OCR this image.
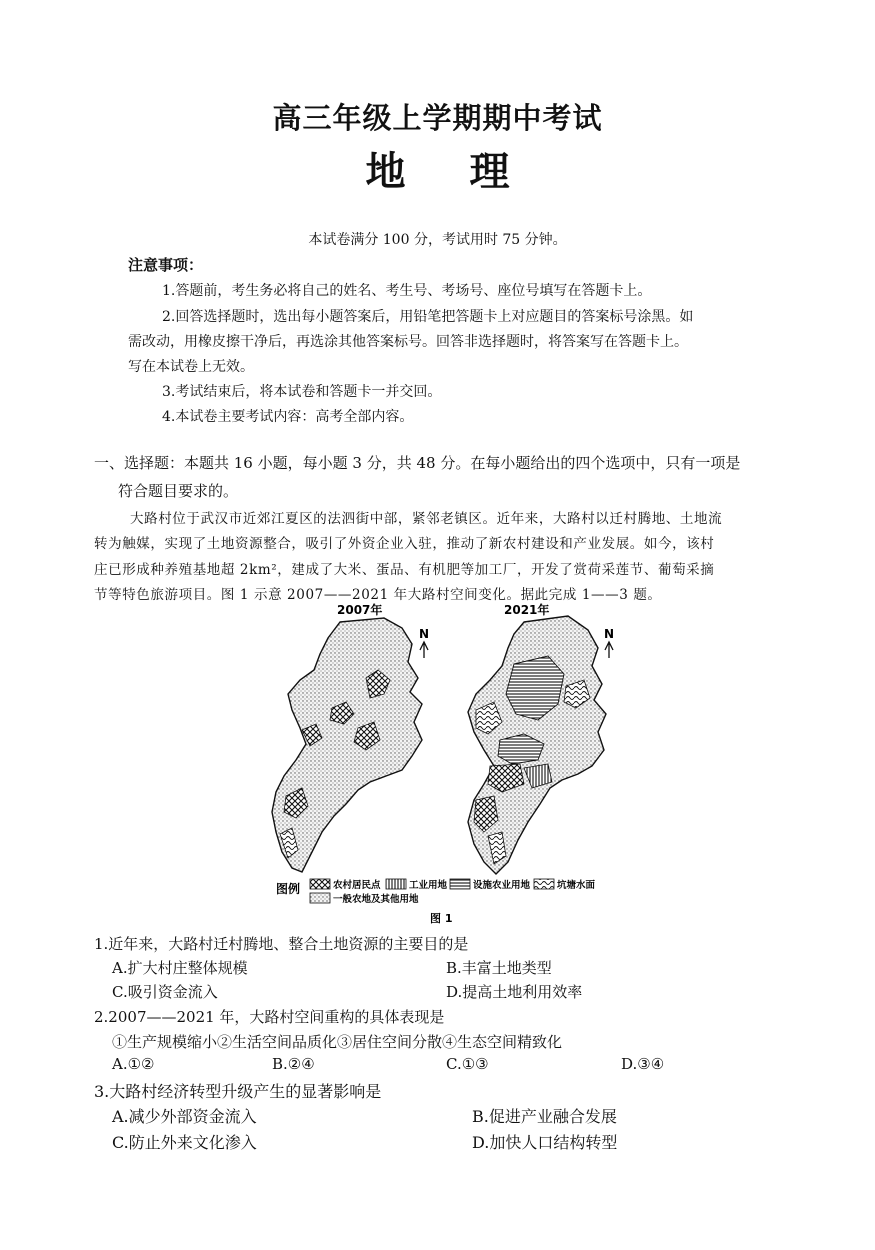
高三年级上学期期中考试
地理
本试卷满分 100 分，考试用时 75 分钟。
注意事项：
1.答题前，考生务必将自己的姓名、考生号、考场号、座位号填写在答题卡上。
2.回答选择题时，选出每小题答案后，用铅笔把答题卡上对应题目的答案标号涂黑。如
需改动，用橡皮擦干净后，再选涂其他答案标号。回答非选择题时，将答案写在答题卡上。
写在本试卷上无效。
3.考试结束后，将本试卷和答题卡一并交回。
4.本试卷主要考试内容：高考全部内容。
一、选择题：本题共 16 小题，每小题 3 分，共 48 分。在每小题给出的四个选项中，只有一项是
符合题目要求的。
大路村位于武汉市近郊江夏区的法泗街中部，紧邻老镇区。近年来，大路村以迁村腾地、土地流
转为触媒，实现了土地资源整合，吸引了外资企业入驻，推动了新农村建设和产业发展。如今，该村
庄已形成种养殖基地超 2km²，建成了大米、蛋品、有机肥等加工厂，开发了赏荷采莲节、葡萄采摘
节等特色旅游项目。图 1 示意 2007——2021 年大路村空间变化。据此完成 1——3 题。
2007年
N
2021年
N
图例	农村居民点	工业用地	设施农业用地	坑塘水面
一般农地及其他用地
图 1
1.近年来，大路村迁村腾地、整合土地资源的主要目的是
A.扩大村庄整体规模	B.丰富土地类型
C.吸引资金流入	D.提高土地利用效率
2.2007——2021 年，大路村空间重构的具体表现是
①生产规模缩小②生活空间品质化③居住空间分散④生态空间精致化
A.①②	B.②④	C.①③	D.③④
3.大路村经济转型升级产生的显著影响是
A.减少外部资金流入	B.促进产业融合发展
C.防止外来文化渗入	D.加快人口结构转型
